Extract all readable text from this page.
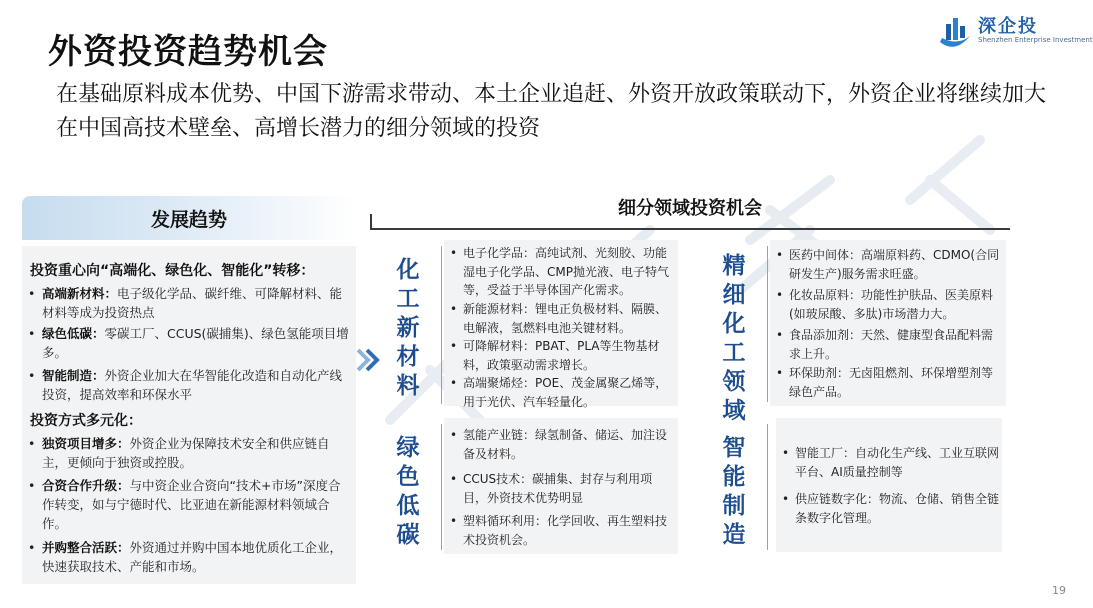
外资投资趋势机会
在基础原料成本优势、中国下游需求带动、本土企业追赶、外资开放政策联动下，外资企业将继续加大在中国高技术壁垒、高增长潜力的细分领域的投资
深企投
Shenzhen Enterprise Investment
发展趋势
投资重心向“高端化、绿色化、智能化”转移：
• 高端新材料：电子级化学品、碳纤维、可降解材料、能材料等成为投资热点
• 绿色低碳：零碳工厂、CCUS(碳捕集)、绿色氢能项目增多。
• 智能制造：外资企业加大在华智能化改造和自动化产线投资，提高效率和环保水平
投资方式多元化：
• 独资项目增多：外资企业为保障技术安全和供应链自主，更倾向于独资或控股。
• 合资合作升级：与中资企业合资向“技术+市场”深度合作转变，如与宁德时代、比亚迪在新能源材料领域合作。
• 并购整合活跃：外资通过并购中国本地优质化工企业，快速获取技术、产能和市场。
细分领域投资机会
化工新材料
• 电子化学品：高纯试剂、光刻胶、功能湿电子化学品、CMP抛光液、电子特气等，受益于半导体国产化需求。
• 新能源材料：锂电正负极材料、隔膜、电解液，氢燃料电池关键材料。
• 可降解材料：PBAT、PLA等生物基材料，政策驱动需求增长。
• 高端聚烯烃：POE、茂金属聚乙烯等，用于光伏、汽车轻量化。
精细化工领域
• 医药中间体：高端原料药、CDMO(合同研发生产)服务需求旺盛。
• 化妆品原料：功能性护肤品、医美原料(如玻尿酸、多肽)市场潜力大。
• 食品添加剂：天然、健康型食品配料需求上升。
• 环保助剂：无卤阻燃剂、环保增塑剂等绿色产品。
绿色低碳
• 氢能产业链：绿氢制备、储运、加注设备及材料。
• CCUS技术：碳捕集、封存与利用项目，外资技术优势明显
• 塑料循环利用：化学回收、再生塑料技术投资机会。
智能制造
• 智能工厂：自动化生产线、工业互联网平台、AI质量控制等
• 供应链数字化：物流、仓储、销售全链条数字化管理。
19
